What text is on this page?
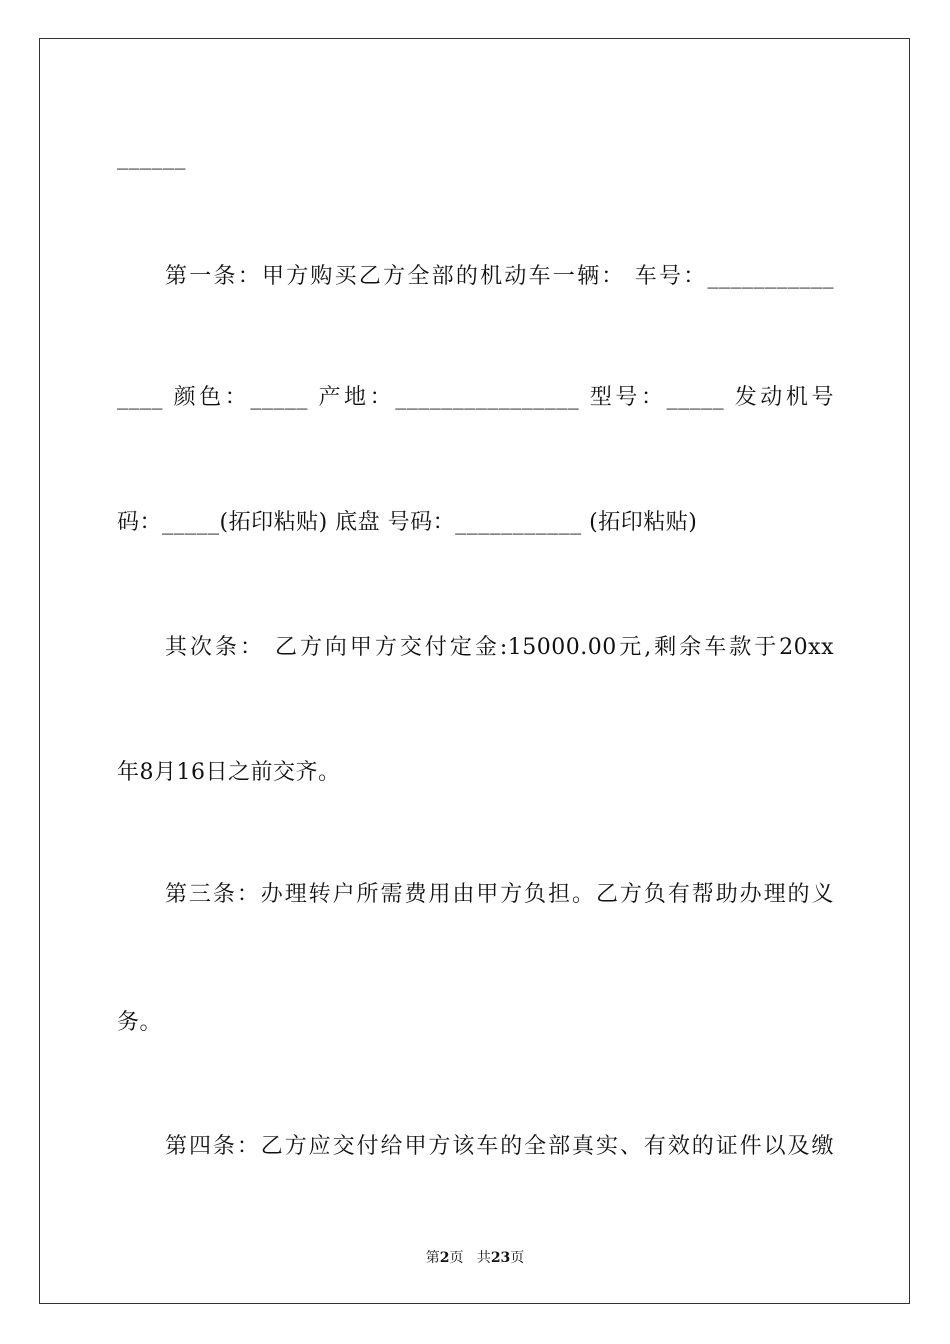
______
第一条：甲方购买乙方全部的机动车一辆： 车号：___________
____ 颜色：_____ 产地：________________ 型号：_____ 发动机号
码：_____(拓印粘贴) 底盘 号码：___________ (拓印粘贴)
其次条： 乙方向甲方交付定金:15000.00元,剩余车款于20xx
年8月16日之前交齐。
第三条：办理转户所需费用由甲方负担。乙方负有帮助办理的义
务。
第四条：乙方应交付给甲方该车的全部真实、有效的证件以及缴
第2页 共23页
